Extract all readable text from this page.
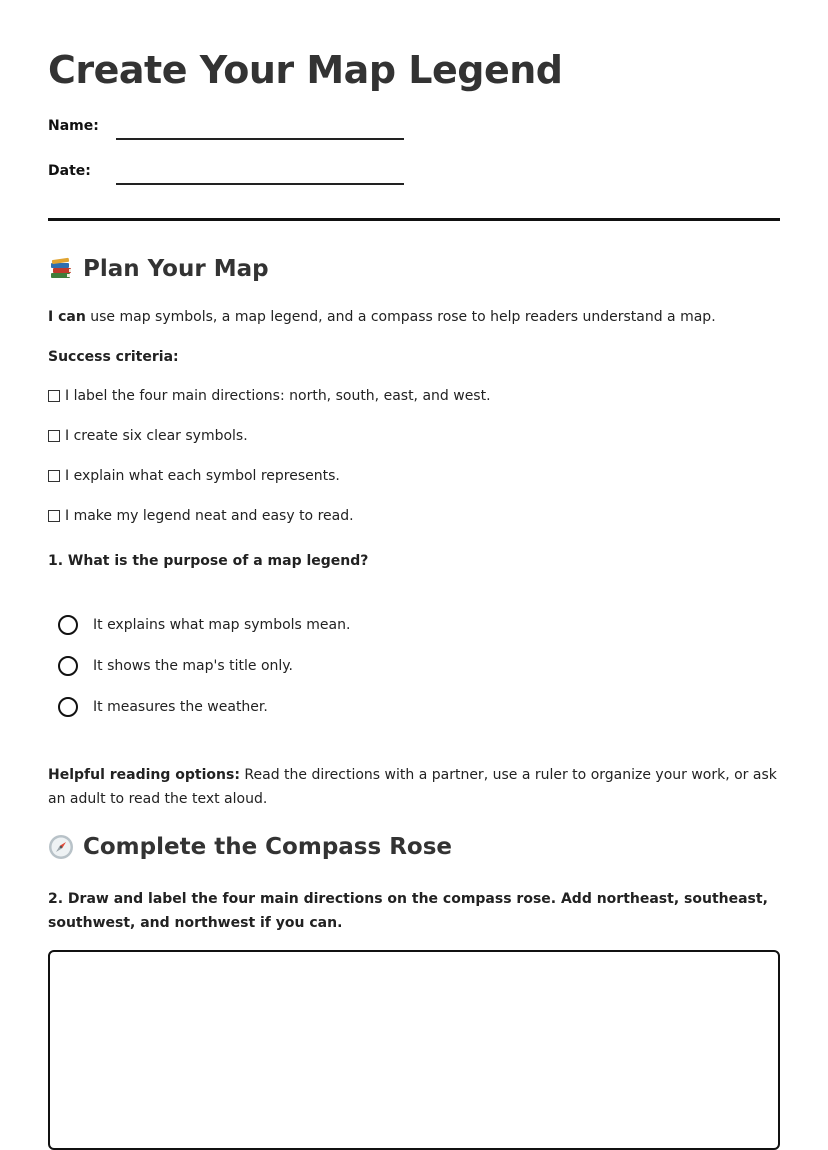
Create Your Map Legend
Name:
Date:
Plan Your Map

I can use map symbols, a map legend, and a compass rose to help readers understand a map.

Success criteria:

I label the four main directions: north, south, east, and west.
I create six clear symbols.
I explain what each symbol represents.
I make my legend neat and easy to read.

1. What is the purpose of a map legend?

It explains what map symbols mean.
It shows the map's title only.
It measures the weather.

Helpful reading options: Read the directions with a partner, use a ruler to organize your work, or ask an adult to read the text aloud.

Complete the Compass Rose

2. Draw and label the four main directions on the compass rose. Add northeast, southeast, southwest, and northwest if you can.
